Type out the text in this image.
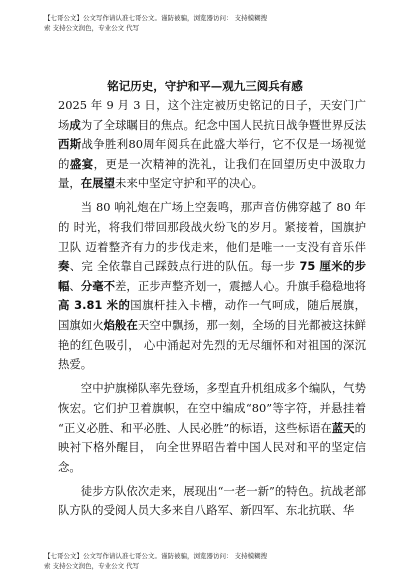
【七哥公文】公文写作请认准七哥公文。谨防被骗，浏览器访问： 支持模糊搜
索 支持公文润色，专业公文 代写
铭记历史，守护和平—观九三阅兵有感

2025 年 9 月 3 日，这个注定被历史铭记的日子，天安门广场成为了全球瞩目的焦点。纪念中国人民抗日战争暨世界反法西斯战争胜利80周年阅兵在此盛大举行，它不仅是一场视觉的盛宴，更是一次精神的洗礼，让我们在回望历史中汲取力量，在展望未来中坚定守护和平的决心。

当 80 响礼炮在广场上空轰鸣，那声音仿佛穿越了 80 年的 时光，将我们带回那段战火纷飞的岁月。紧接着，国旗护卫队 迈着整齐有力的步伐走来，他们是唯一一支没有音乐伴奏、完 全依靠自己踩鼓点行进的队伍。每一步 75 厘米的步幅、分毫不差，正步声整齐划一，震撼人心。升旗手稳稳地将高 3.81 米的国旗杆挂入卡槽，动作一气呵成，随后展旗，国旗如火焰般在天空中飘扬，那一刻，全场的目光都被这抹鲜艳的红色吸引， 心中涌起对先烈的无尽缅怀和对祖国的深沉热爱。

空中护旗梯队率先登场，多型直升机组成多个编队，气势恢宏。它们护卫着旗帜，在空中编成“80”等字符，并悬挂着 “正义必胜、和平必胜、人民必胜”的标语，这些标语在蓝天的映衬下格外醒目， 向全世界昭告着中国人民对和平的坚定信 念。

徒步方队依次走来，展现出“一老一新”的特色。抗战老部队方队的受阅人员大多来自八路军、新四军、东北抗联、华

【七哥公文】公文写作请认准七哥公文。谨防被骗，浏览器访问： 支持模糊搜
索 支持公文润色，专业公文 代写
